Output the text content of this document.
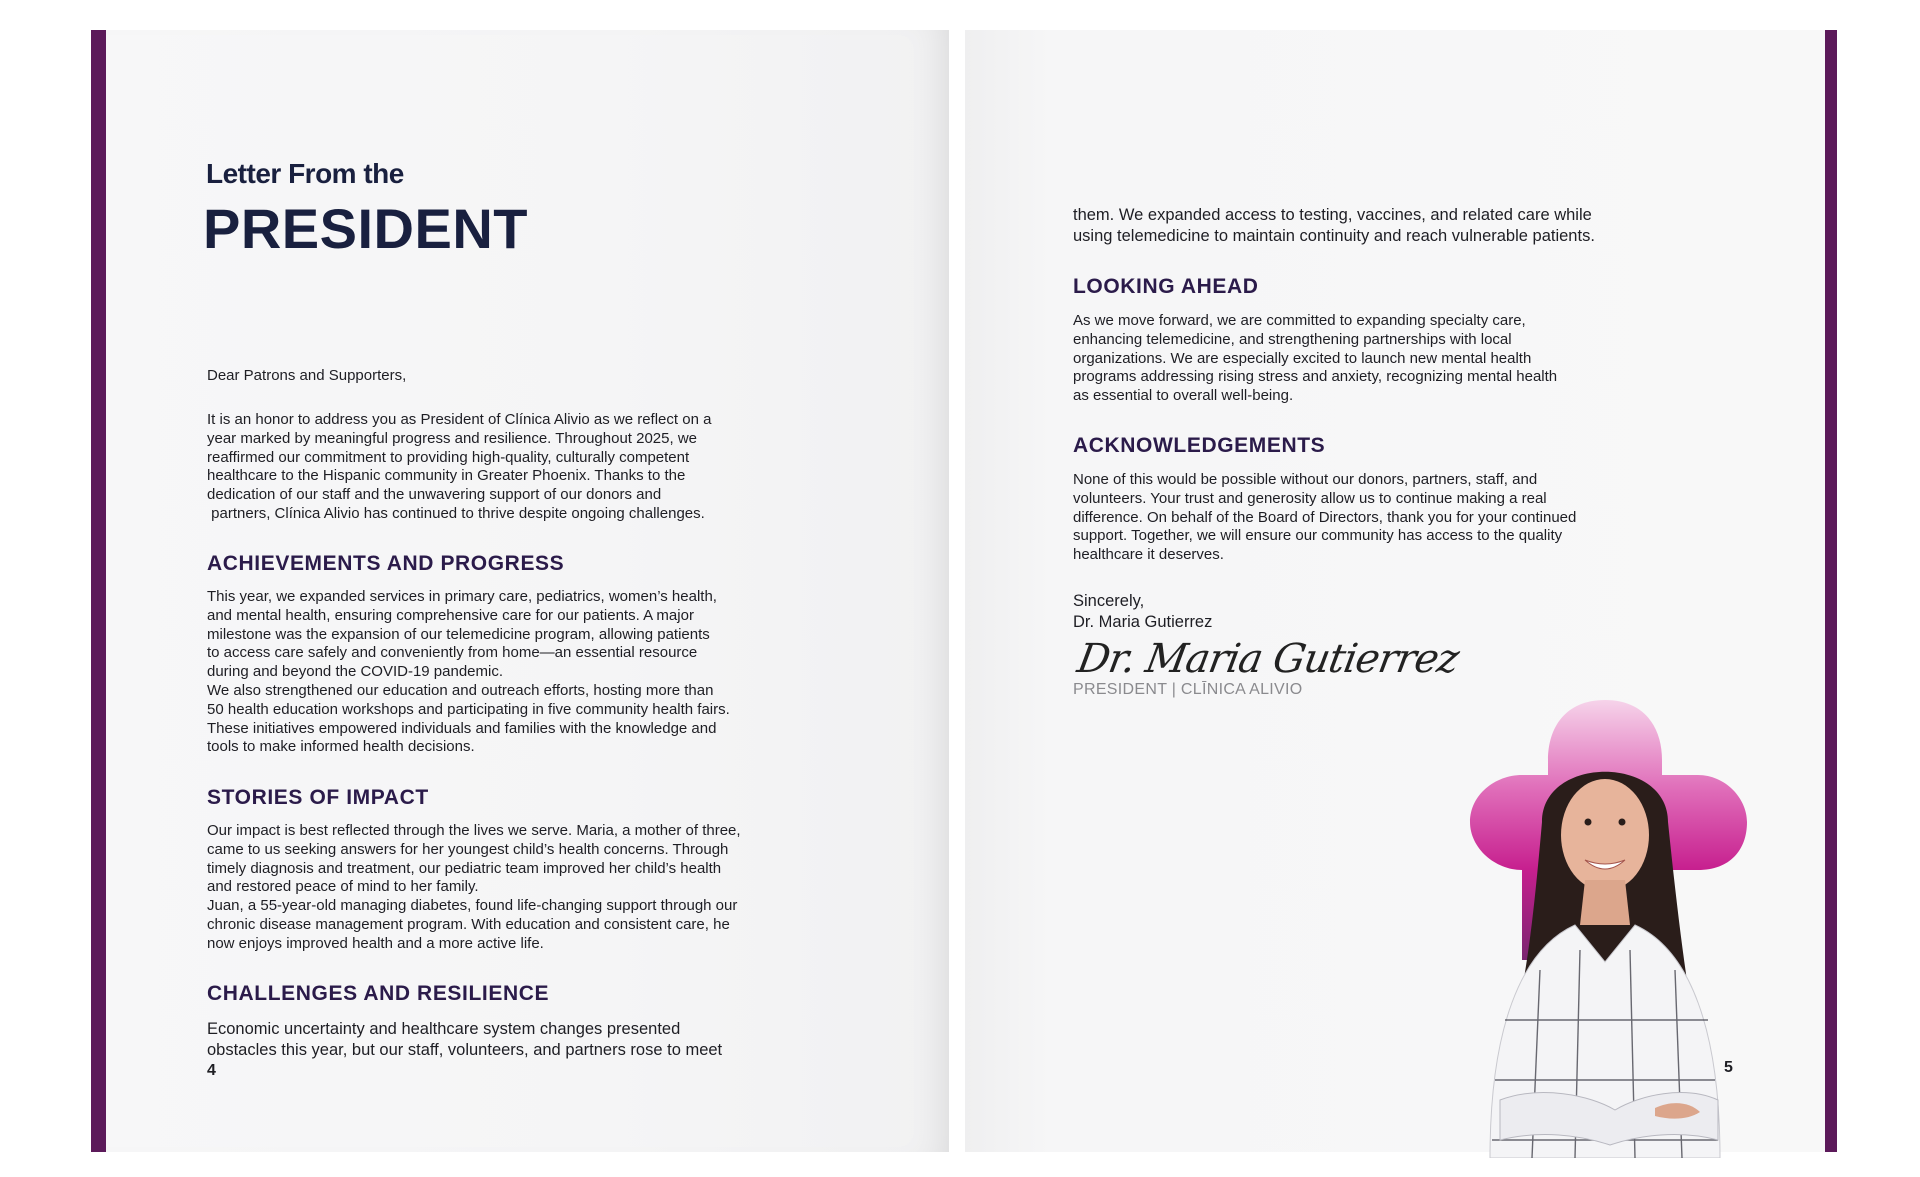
Letter From the
PRESIDENT
Dear Patrons and Supporters,

It is an honor to address you as President of Clínica Alivio as we reflect on a

year marked by meaningful progress and resilience. Throughout 2025, we

reaffirmed our commitment to providing high-quality, culturally competent

healthcare to the Hispanic community in Greater Phoenix. Thanks to the

dedication of our staff and the unwavering support of our donors and

partners, Clínica Alivio has continued to thrive despite ongoing challenges.

ACHIEVEMENTS AND PROGRESS

This year, we expanded services in primary care, pediatrics, women’s health,

and mental health, ensuring comprehensive care for our patients. A major

milestone was the expansion of our telemedicine program, allowing patients

to access care safely and conveniently from home—an essential resource

during and beyond the COVID-19 pandemic.

We also strengthened our education and outreach efforts, hosting more than

50 health education workshops and participating in five community health fairs.

These initiatives empowered individuals and families with the knowledge and

tools to make informed health decisions.

STORIES OF IMPACT

Our impact is best reflected through the lives we serve. Maria, a mother of three,

came to us seeking answers for her youngest child’s health concerns. Through

timely diagnosis and treatment, our pediatric team improved her child’s health

and restored peace of mind to her family.

Juan, a 55-year-old managing diabetes, found life-changing support through our

chronic disease management program. With education and consistent care, he

now enjoys improved health and a more active life.

CHALLENGES AND RESILIENCE

Economic uncertainty and healthcare system changes presented

obstacles this year, but our staff, volunteers, and partners rose to meet

4

them. We expanded access to testing, vaccines, and related care while

using telemedicine to maintain continuity and reach vulnerable patients.

LOOKING AHEAD

As we move forward, we are committed to expanding specialty care,

enhancing telemedicine, and strengthening partnerships with local

organizations. We are especially excited to launch new mental health

programs addressing rising stress and anxiety, recognizing mental health

as essential to overall well-being.

ACKNOWLEDGEMENTS

None of this would be possible without our donors, partners, staff, and

volunteers. Your trust and generosity allow us to continue making a real

difference. On behalf of the Board of Directors, thank you for your continued

support. Together, we will ensure our community has access to the quality

healthcare it deserves.

Sincerely,
Dr. Maria Gutierrez
Dr. Maria Gutierrez
PRESIDENT | CLĪNICA ALIVIO
5
